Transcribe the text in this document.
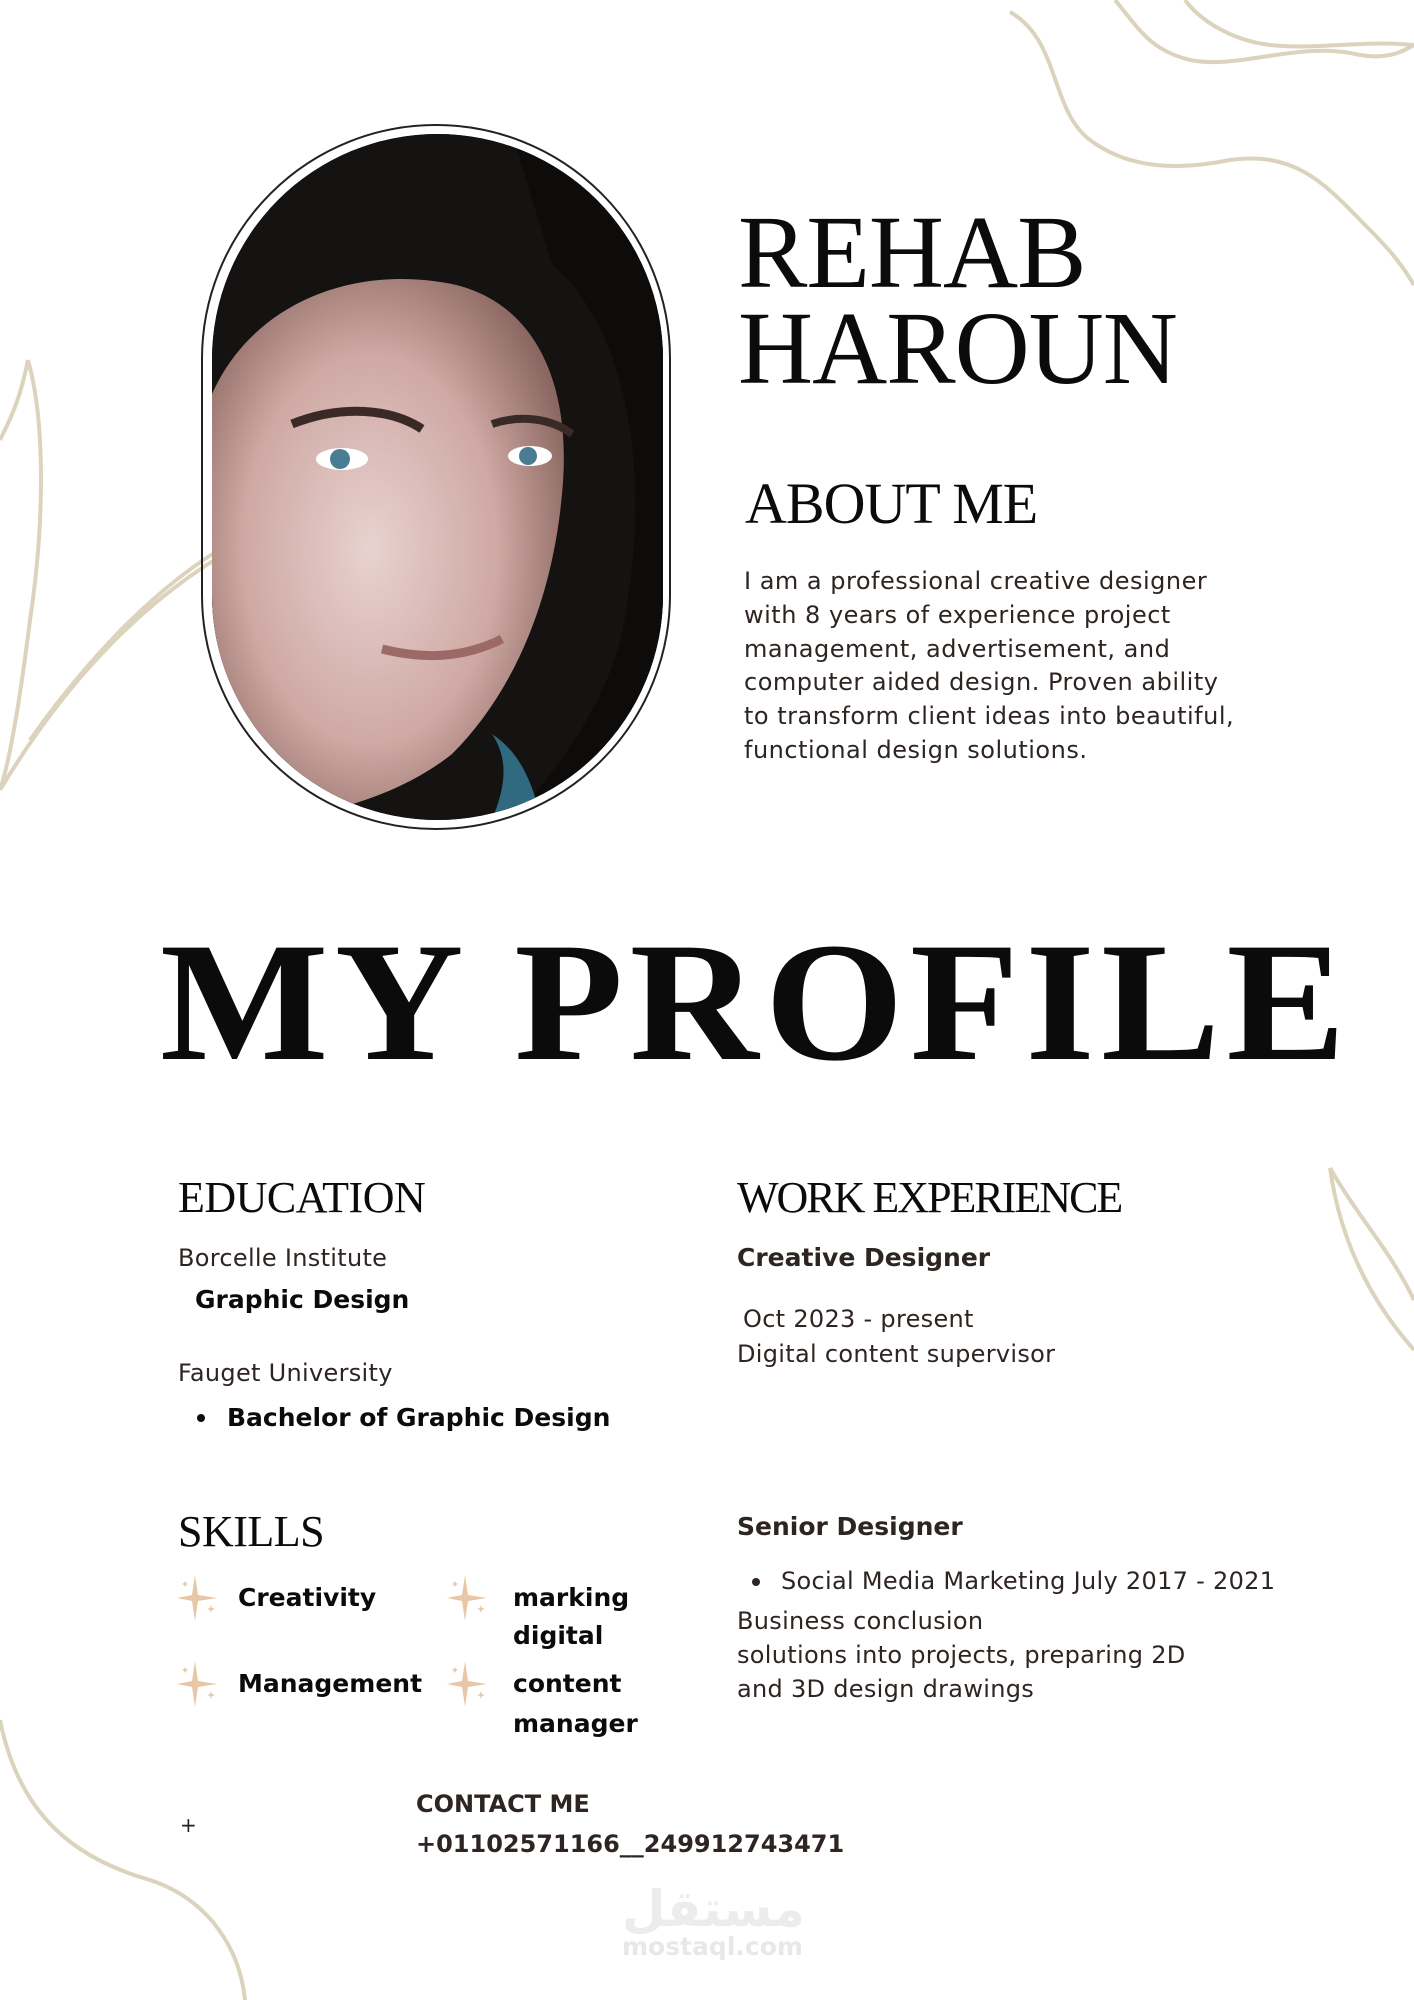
REHAB
HAROUN
ABOUT ME
I am a professional creative designer with 8 years of experience project management, advertisement, and computer aided design. Proven ability to transform client ideas into beautiful, functional design solutions.
MY PROFILE
EDUCATION
Borcelle Institute
Graphic Design
Fauget University
Bachelor of Graphic Design
WORK EXPERIENCE
Creative Designer
Oct 2023 - present
Digital content supervisor
Senior Designer
Social Media Marketing July 2017 - 2021
Business conclusion
solutions into projects, preparing 2D
and 3D design drawings
SKILLS
Creativity
Management
marking
digital
content
manager
+
CONTACT ME
+01102571166__249912743471
مستقل
mostaql.com
